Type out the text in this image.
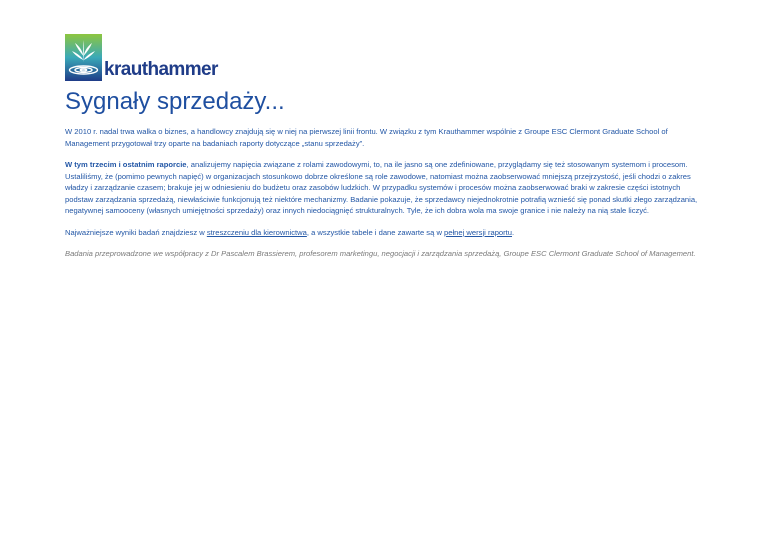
krauthammer
Sygnały sprzedaży...

W 2010 r. nadal trwa walka o biznes, a handlowcy znajdują się w niej na pierwszej linii frontu. W związku z tym Krauthammer wspólnie z Groupe ESC Clermont Graduate School of Management przygotował trzy oparte na badaniach raporty dotyczące „stanu sprzedaży”.

W tym trzecim i ostatnim raporcie, analizujemy napięcia związane z rolami zawodowymi, to, na ile jasno są one zdefiniowane, przyglądamy się też stosowanym systemom i procesom. Ustaliliśmy, że (pomimo pewnych napięć) w organizacjach stosunkowo dobrze określone są role zawodowe, natomiast można zaobserwować mniejszą przejrzystość, jeśli chodzi o zakres władzy i zarządzanie czasem; brakuje jej w odniesieniu do budżetu oraz zasobów ludzkich. W przypadku systemów i procesów można zaobserwować braki w zakresie części istotnych podstaw zarządzania sprzedażą, niewłaściwie funkcjonują też niektóre mechanizmy. Badanie pokazuje, że sprzedawcy niejednokrotnie potrafią wznieść się ponad skutki złego zarządzania, negatywnej samooceny (własnych umiejętności sprzedaży) oraz innych niedociągnięć strukturalnych. Tyle, że ich dobra wola ma swoje granice i nie należy na nią stale liczyć.

Najważniejsze wyniki badań znajdziesz w streszczeniu dla kierownictwa, a wszystkie tabele i dane zawarte są w pełnej wersji raportu.

Badania przeprowadzone we współpracy z Dr Pascalem Brassierem, profesorem marketingu, negocjacji i zarządzania sprzedażą, Groupe ESC Clermont Graduate School of Management.
